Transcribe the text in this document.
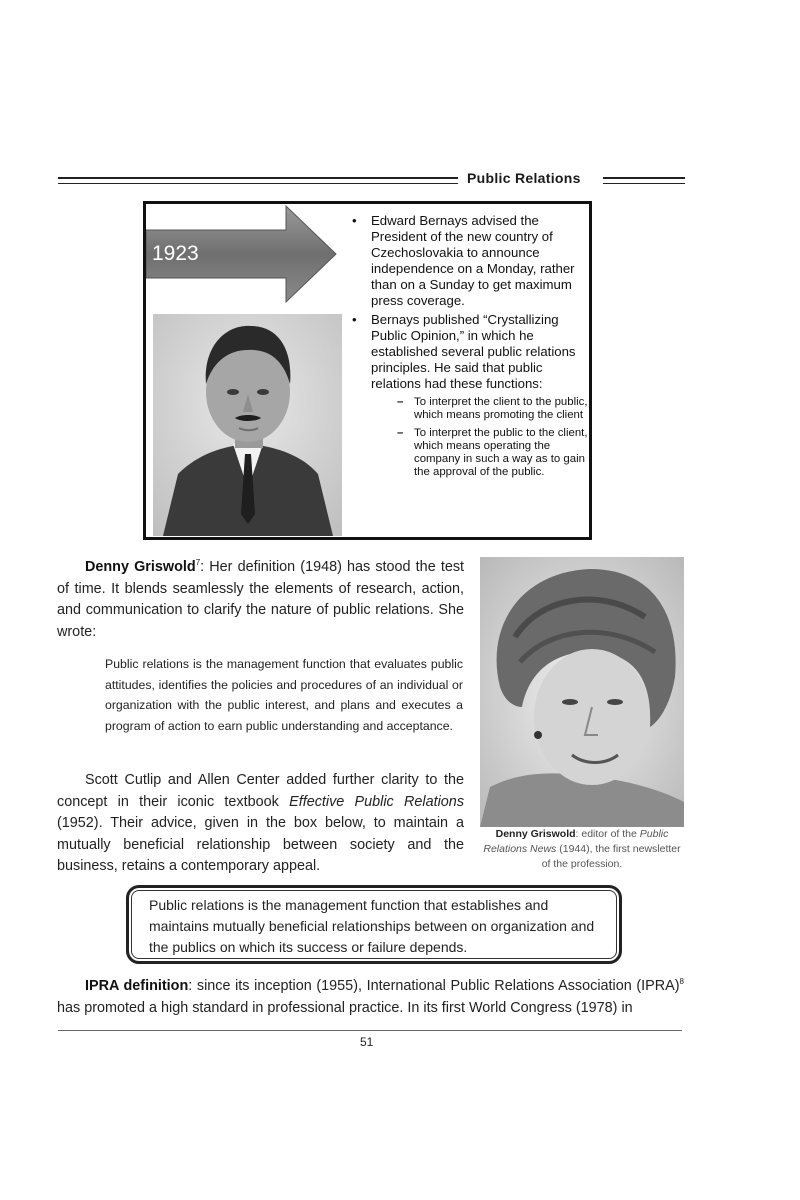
Public Relations
1923
• Edward Bernays advised the President of the new country of Czechoslovakia to announce independence on a Monday, rather than on a Sunday to get maximum press coverage.
• Bernays published “Crystallizing Public Opinion,” in which he established several public relations principles. He said that public relations had these functions:
– To interpret the client to the public, which means promoting the client
– To interpret the public to the client, which means operating the company in such a way as to gain the approval of the public.
Denny Griswold$^7$: Her definition (1948) has stood the test of time. It blends seamlessly the elements of research, action, and communication to clarify the nature of public relations. She wrote:
Public relations is the management function that evaluates public attitudes, identifies the policies and procedures of an individual or organization with the public interest, and plans and executes a program of action to earn public understanding and acceptance.
Scott Cutlip and Allen Center added further clarity to the concept in their iconic textbook Effective Public Relations (1952). Their advice, given in the box below, to maintain a mutually beneficial relationship between society and the business, retains a contemporary appeal.
Denny Griswold: editor of the Public Relations News (1944), the first newsletter of the profession.
Public relations is the management function that establishes and maintains mutually beneficial relationships between on organization and the publics on which its success or failure depends.
IPRA definition: since its inception (1955), International Public Relations Association (IPRA)$^8$ has promoted a high standard in professional practice. In its first World Congress (1978) in
51
